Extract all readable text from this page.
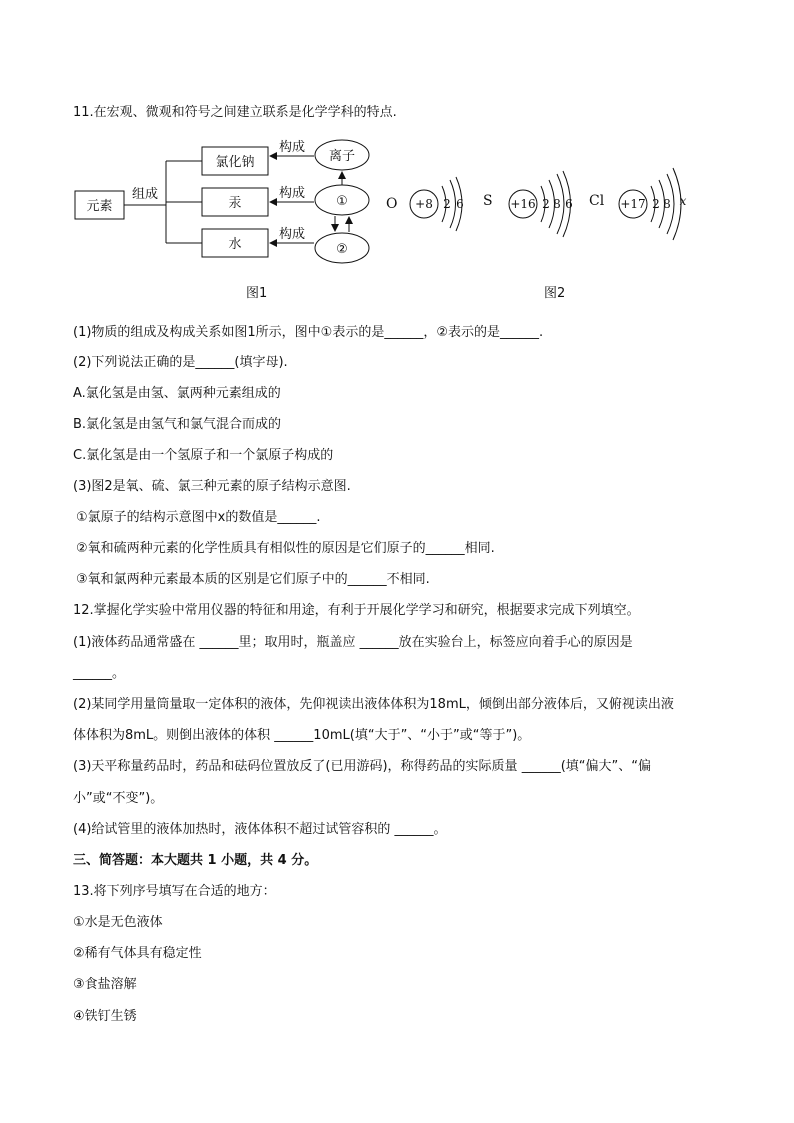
11.在宏观、微观和符号之间建立联系是化学学科的特点.
元素
组成
氯化钠
汞
水
构成
构成
构成
离子
①
②
图1
O +8 2 6 S +16 2 8 6 Cl +17 2 8 x
图2
(1)物质的组成及构成关系如图1所示，图中①表示的是______，②表示的是______.
(2)下列说法正确的是______(填字母).
A.氯化氢是由氢、氯两种元素组成的
B.氯化氢是由氢气和氯气混合而成的
C.氯化氢是由一个氢原子和一个氯原子构成的
(3)图2是氧、硫、氯三种元素的原子结构示意图.
①氯原子的结构示意图中x的数值是______.
②氧和硫两种元素的化学性质具有相似性的原因是它们原子的______相同.
③氧和氯两种元素最本质的区别是它们原子中的______不相同.
12.掌握化学实验中常用仪器的特征和用途，有利于开展化学学习和研究，根据要求完成下列填空。
(1)液体药品通常盛在 ______里；取用时，瓶盖应 ______放在实验台上，标签应向着手心的原因是
______。
(2)某同学用量筒量取一定体积的液体，先仰视读出液体体积为18mL，倾倒出部分液体后，又俯视读出液
体体积为8mL。则倒出液体的体积 ______10mL(填“大于”、“小于”或“等于”)。
(3)天平称量药品时，药品和砝码位置放反了(已用游码)，称得药品的实际质量 ______(填“偏大”、“偏
小”或“不变”)。
(4)给试管里的液体加热时，液体体积不超过试管容积的 ______。
三、简答题：本大题共 1 小题，共 4 分。
13.将下列序号填写在合适的地方：
①水是无色液体
②稀有气体具有稳定性
③食盐溶解
④铁钉生锈
